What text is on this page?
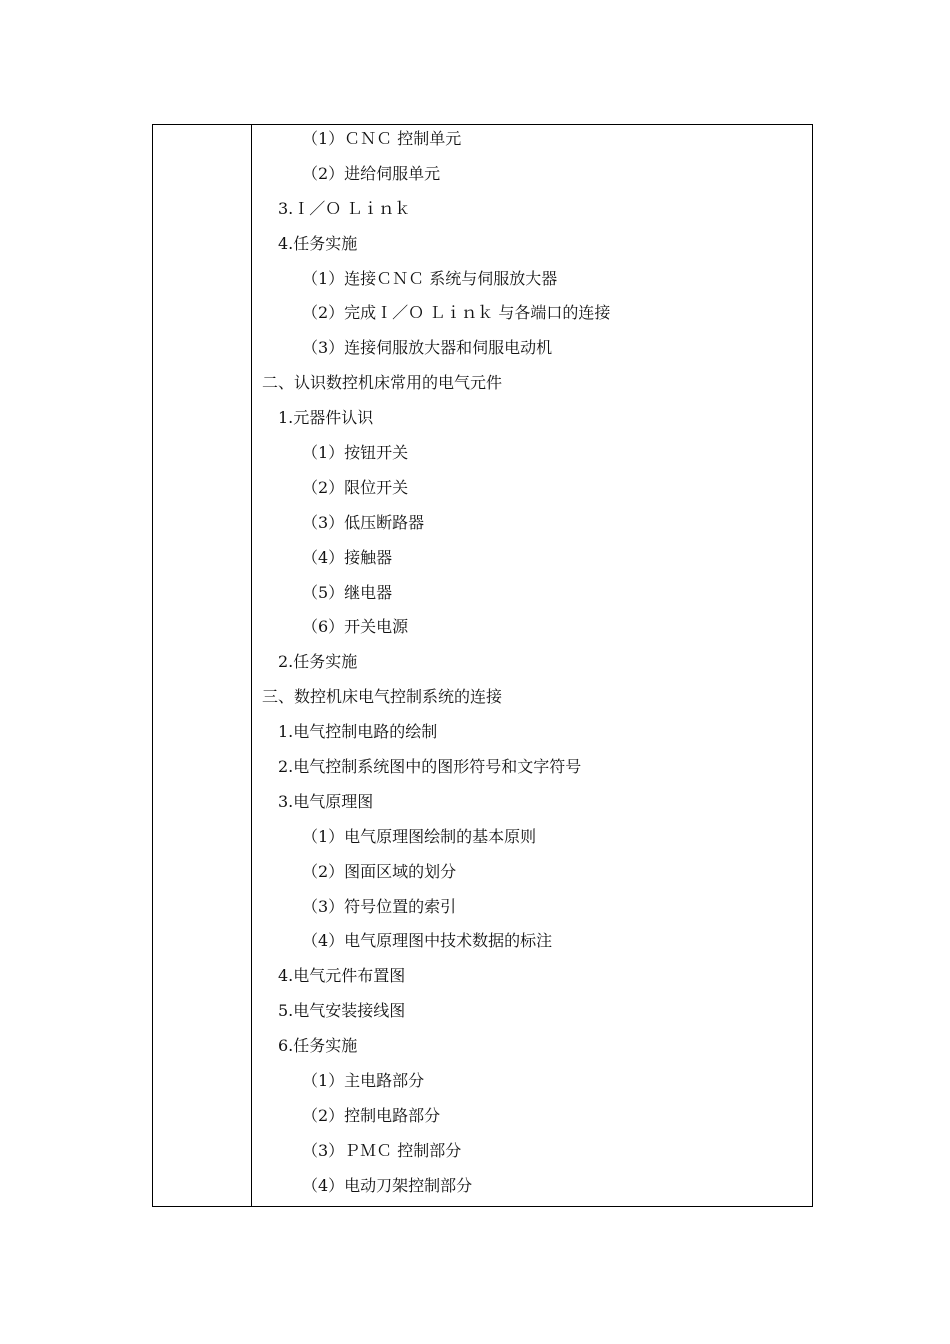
（1）ＣＮＣ 控制单元
（2）进给伺服单元
3.Ｉ／Ｏ Ｌｉｎｋ
4.任务实施
（1）连接ＣＮＣ 系统与伺服放大器
（2）完成Ｉ／Ｏ Ｌｉｎｋ 与各端口的连接
（3）连接伺服放大器和伺服电动机
二、认识数控机床常用的电气元件
1.元器件认识
（1）按钮开关
（2）限位开关
（3）低压断路器
（4）接触器
（5）继电器
（6）开关电源
2.任务实施
三、数控机床电气控制系统的连接
1.电气控制电路的绘制
2.电气控制系统图中的图形符号和文字符号
3.电气原理图
（1）电气原理图绘制的基本原则
（2）图面区域的划分
（3）符号位置的索引
（4）电气原理图中技术数据的标注
4.电气元件布置图
5.电气安装接线图
6.任务实施
（1）主电路部分
（2）控制电路部分
（3）ＰＭＣ 控制部分
（4）电动刀架控制部分
